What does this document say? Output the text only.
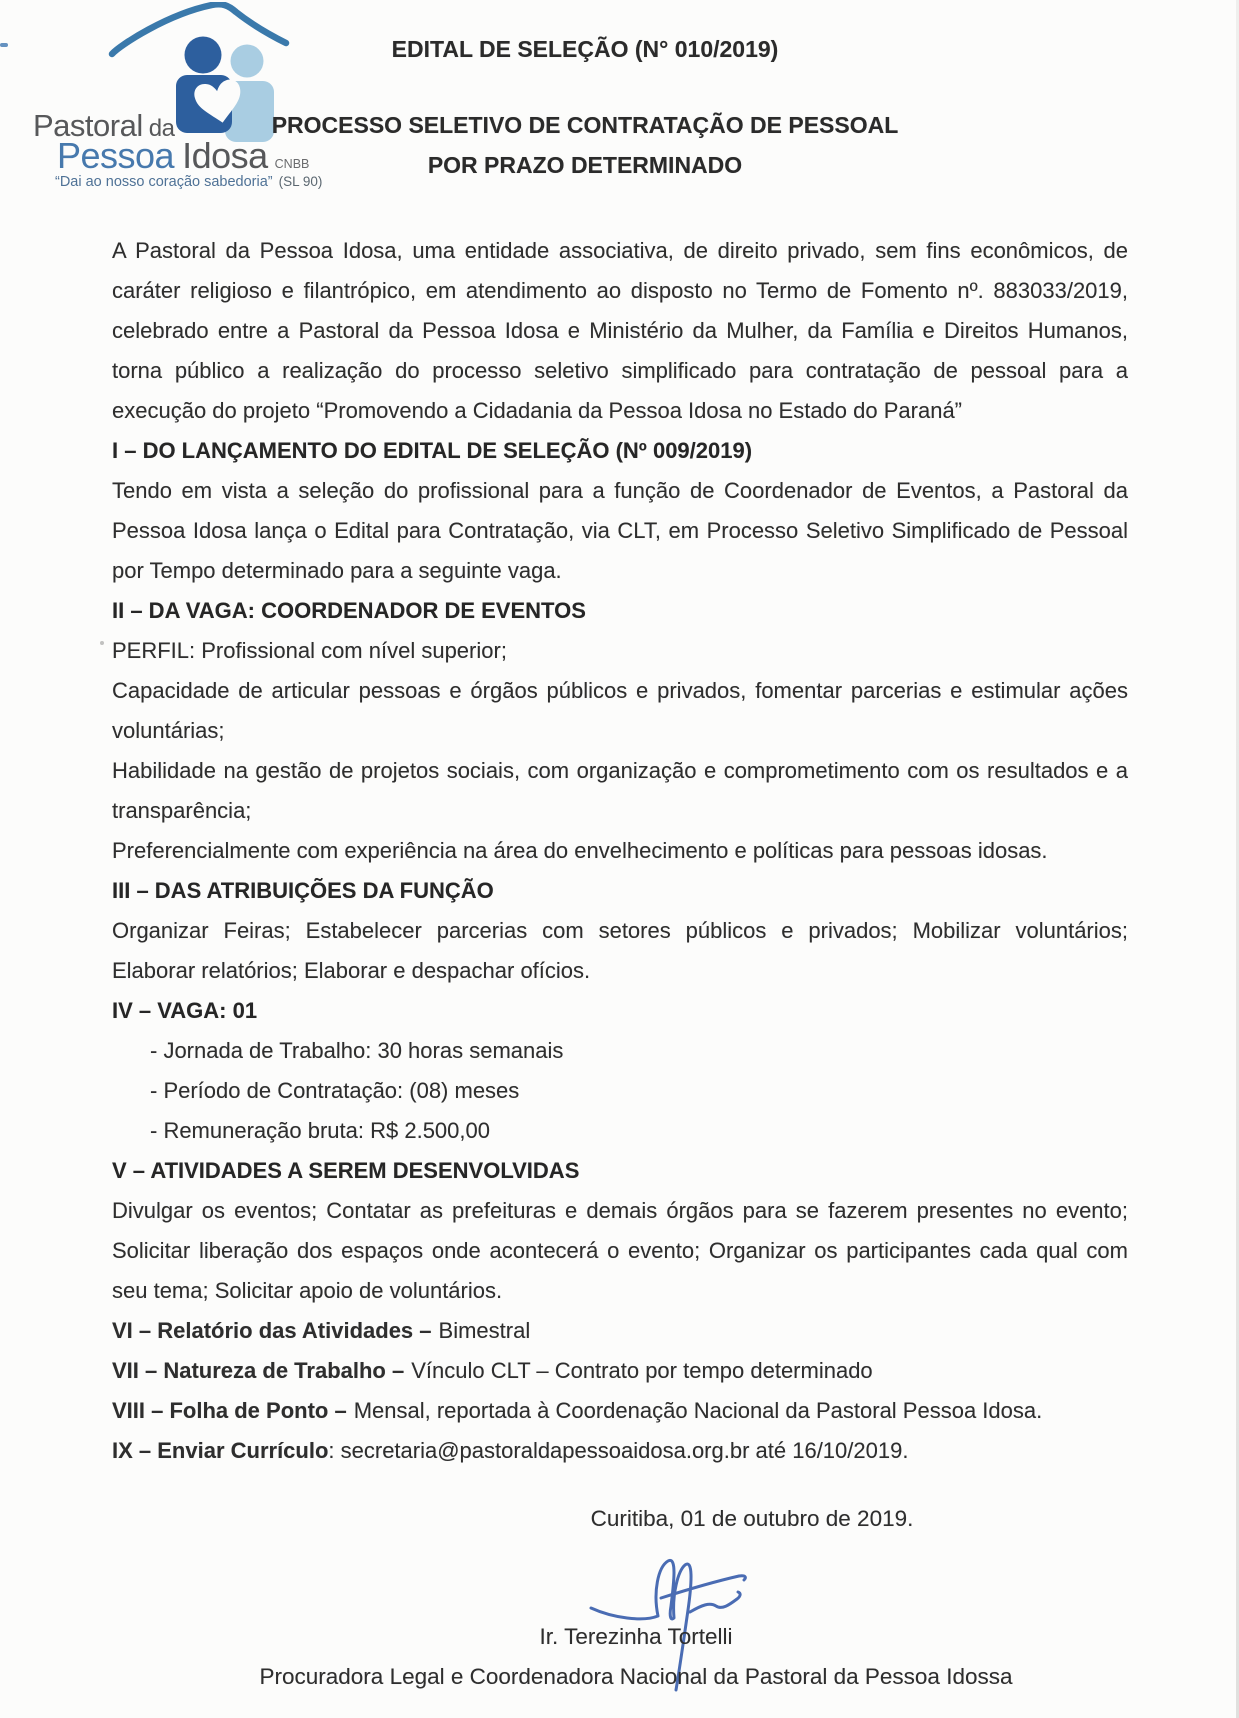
Pastoral da
Pessoa Idosa CNBB
“Dai ao nosso coração sabedoria” (SL 90)
EDITAL DE SELEÇÃO (N° 010/2019)
PROCESSO SELETIVO DE CONTRATAÇÃO DE PESSOAL
POR PRAZO DETERMINADO

A Pastoral da Pessoa Idosa, uma entidade associativa, de direito privado, sem fins econômicos, de caráter religioso e filantrópico, em atendimento ao disposto no Termo de Fomento nº. 883033/2019, celebrado entre a Pastoral da Pessoa Idosa e Ministério da Mulher, da Família e Direitos Humanos, torna público a realização do processo seletivo simplificado para contratação de pessoal para a execução do projeto “Promovendo a Cidadania da Pessoa Idosa no Estado do Paraná”

I – DO LANÇAMENTO DO EDITAL DE SELEÇÃO (Nº 009/2019)

Tendo em vista a seleção do profissional para a função de Coordenador de Eventos, a Pastoral da Pessoa Idosa lança o Edital para Contratação, via CLT, em Processo Seletivo Simplificado de Pessoal por Tempo determinado para a seguinte vaga.

II – DA VAGA: COORDENADOR DE EVENTOS

PERFIL: Profissional com nível superior;

Capacidade de articular pessoas e órgãos públicos e privados, fomentar parcerias e estimular ações voluntárias;

Habilidade na gestão de projetos sociais, com organização e comprometimento com os resultados e a transparência;

Preferencialmente com experiência na área do envelhecimento e políticas para pessoas idosas.

III – DAS ATRIBUIÇÕES DA FUNÇÃO

Organizar Feiras; Estabelecer parcerias com setores públicos e privados; Mobilizar voluntários; Elaborar relatórios; Elaborar e despachar ofícios.

IV – VAGA: 01

- Jornada de Trabalho: 30 horas semanais

- Período de Contratação: (08) meses

- Remuneração bruta: R$ 2.500,00

V – ATIVIDADES A SEREM DESENVOLVIDAS

Divulgar os eventos; Contatar as prefeituras e demais órgãos para se fazerem presentes no evento; Solicitar liberação dos espaços onde acontecerá o evento; Organizar os participantes cada qual com seu tema; Solicitar apoio de voluntários.

VI – Relatório das Atividades – Bimestral

VII – Natureza de Trabalho – Vínculo CLT – Contrato por tempo determinado

VIII – Folha de Ponto – Mensal, reportada à Coordenação Nacional da Pastoral Pessoa Idosa.

IX – Enviar Currículo: secretaria@pastoraldapessoaidosa.org.br até 16/10/2019.

Curitiba, 01 de outubro de 2019.
Ir. Terezinha Tortelli
Procuradora Legal e Coordenadora Nacional da Pastoral da Pessoa Idossa
